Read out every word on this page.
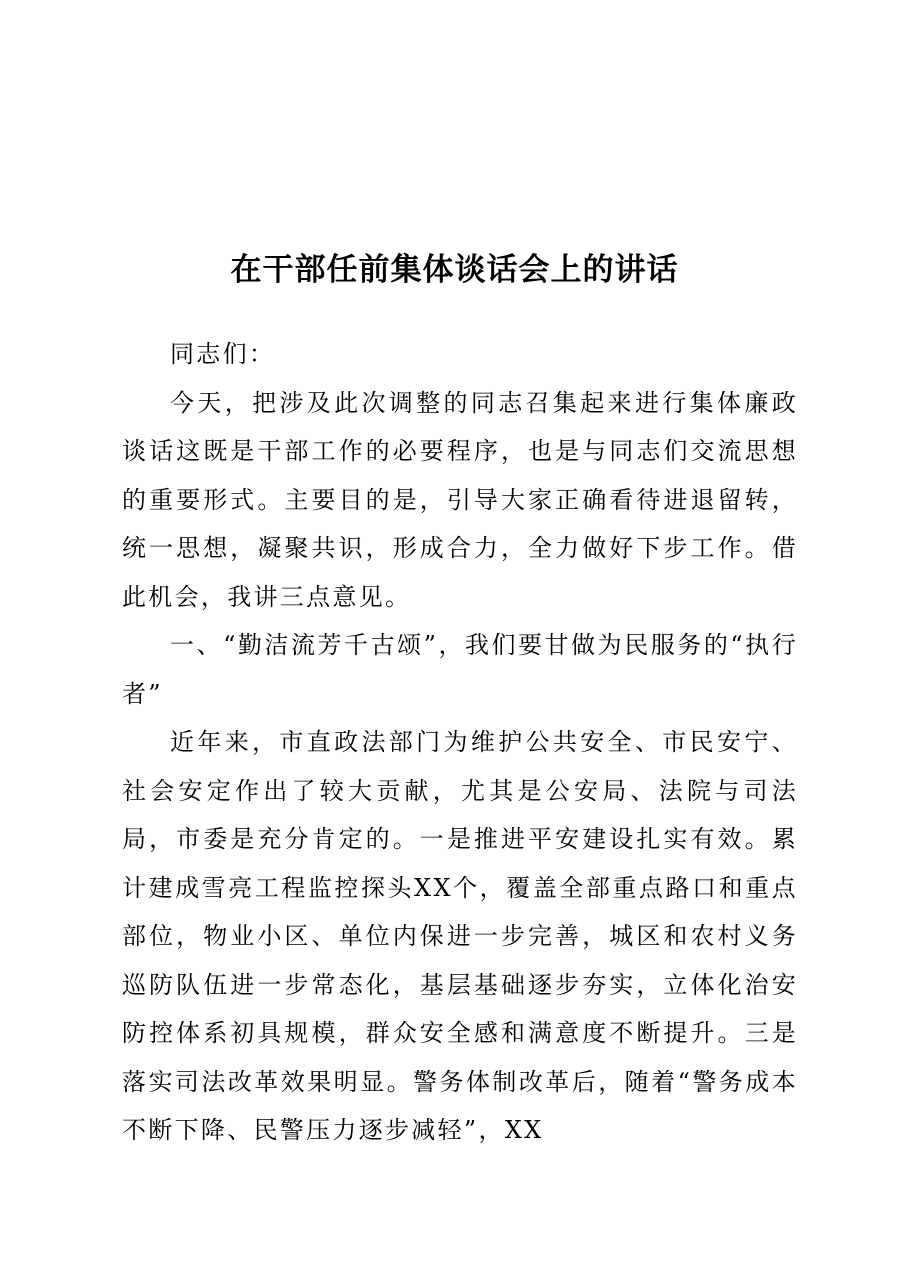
在干部任前集体谈话会上的讲话

同志们：

今天，把涉及此次调整的同志召集起来进行集体廉政谈话这既是干部工作的必要程序，也是与同志们交流思想的重要形式。主要目的是，引导大家正确看待进退留转，统一思想，凝聚共识，形成合力，全力做好下步工作。借此机会，我讲三点意见。

一、“勤洁流芳千古颂”，我们要甘做为民服务的“执行者”

近年来，市直政法部门为维护公共安全、市民安宁、社会安定作出了较大贡献，尤其是公安局、法院与司法局，市委是充分肯定的。一是推进平安建设扎实有效。累计建成雪亮工程监控探头XX个，覆盖全部重点路口和重点部位，物业小区、单位内保进一步完善，城区和农村义务巡防队伍进一步常态化，基层基础逐步夯实，立体化治安防控体系初具规模，群众安全感和满意度不断提升。三是落实司法改革效果明显。警务体制改革后，随着“警务成本不断下降、民警压力逐步减轻”，XX
